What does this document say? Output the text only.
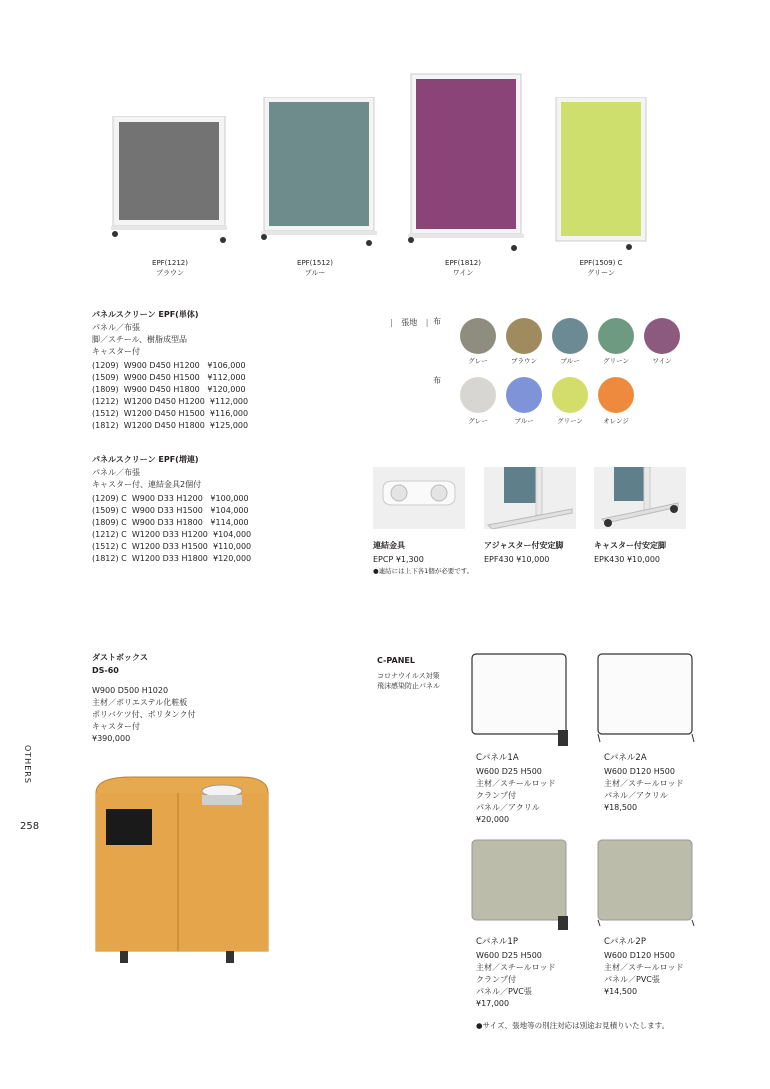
EPF(1212)
ブラウン
EPF(1512)
ブルー
EPF(1812)
ワイン
EPF(1509) C
グリーン
パネルスクリーン EPF(単体)
パネル／布張
脚／スチール、樹脂成型品
キャスター付
(1209)  W900 D450 H1200   ¥106,000
(1509)  W900 D450 H1500   ¥112,000
(1809)  W900 D450 H1800   ¥120,000
(1212)  W1200 D450 H1200  ¥112,000
(1512)  W1200 D450 H1500  ¥116,000
(1812)  W1200 D450 H1800  ¥125,000
パネルスクリーン EPF(増連)
パネル／布張
キャスター付、連結金具2個付
(1209) C  W900 D33 H1200   ¥100,000
(1509) C  W900 D33 H1500   ¥104,000
(1809) C  W900 D33 H1800   ¥114,000
(1212) C  W1200 D33 H1200  ¥104,000
(1512) C  W1200 D33 H1500  ¥110,000
(1812) C  W1200 D33 H1800  ¥120,000
| 張地 | 布
布
グレー	ブラウン	ブルー	グリーン	ワイン
グレー	ブルー	グリーン	オレンジ
連結金具
EPCP ¥1,300
●連結には上下各1個が必要です。
アジャスター付安定脚
EPF430 ¥10,000
キャスター付安定脚
EPK430 ¥10,000
ダストボックス
DS-60
W900 D500 H1020
主材／ポリエステル化粧板
ポリバケツ付、ポリタンク付
キャスター付
¥390,000
C-PANEL
コロナウイルス対策
飛沫感染防止パネル
Cパネル1A
W600 D25 H500
主材／スチールロッド
クランプ付
パネル／アクリル
¥20,000
Cパネル2A
W600 D120 H500
主材／スチールロッド
パネル／アクリル
¥18,500
Cパネル1P
W600 D25 H500
主材／スチールロッド
クランプ付
パネル／PVC張
¥17,000
Cパネル2P
W600 D120 H500
主材／スチールロッド
パネル／PVC張
¥14,500
●サイズ、張地等の別注対応は別途お見積りいたします。
OTHERS
258
